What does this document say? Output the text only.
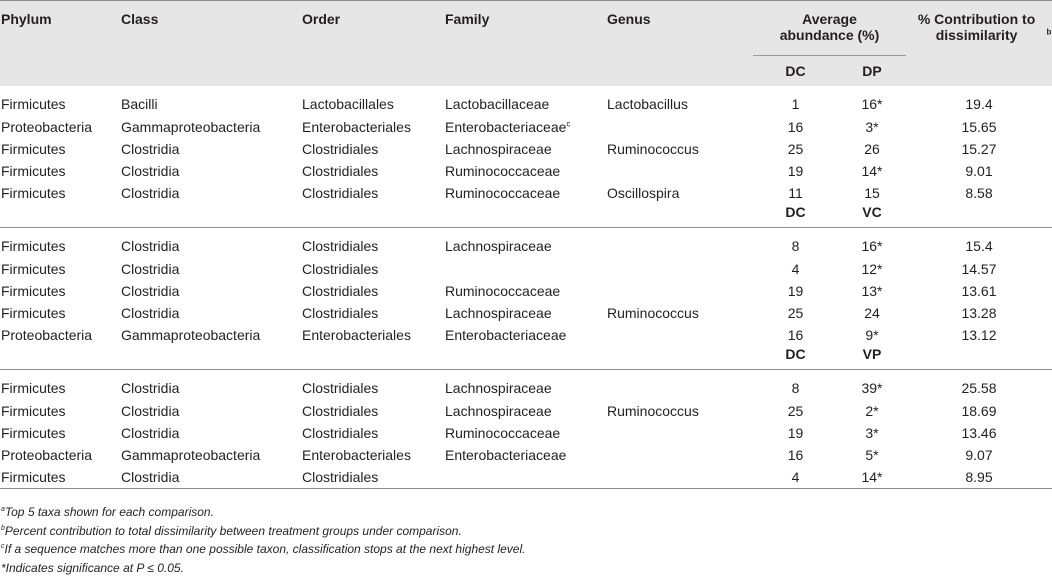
Phylum	Class	Order	Family	Genus	Average abundance (%)		% Contribution to dissimilarity $^b$
					DC	DP	
Firmicutes	Bacilli	Lactobacillales	Lactobacillaceae	Lactobacillus	1	16*	19.4
Proteobacteria	Gammaproteobacteria	Enterobacteriales	Enterobacteriaceae$^c$		16	3*	15.65
Firmicutes	Clostridia	Clostridiales	Lachnospiraceae	Ruminococcus	25	26	15.27
Firmicutes	Clostridia	Clostridiales	Ruminococcaceae		19	14*	9.01
Firmicutes	Clostridia	Clostridiales	Ruminococcaceae	Oscillospira	11	15	8.58
					DC	VC	
Firmicutes	Clostridia	Clostridiales	Lachnospiraceae		8	16*	15.4
Firmicutes	Clostridia	Clostridiales			4	12*	14.57
Firmicutes	Clostridia	Clostridiales	Ruminococcaceae		19	13*	13.61
Firmicutes	Clostridia	Clostridiales	Lachnospiraceae	Ruminococcus	25	24	13.28
Proteobacteria	Gammaproteobacteria	Enterobacteriales	Enterobacteriaceae		16	9*	13.12
					DC	VP	
Firmicutes	Clostridia	Clostridiales	Lachnospiraceae		8	39*	25.58
Firmicutes	Clostridia	Clostridiales	Lachnospiraceae	Ruminococcus	25	2*	18.69
Firmicutes	Clostridia	Clostridiales	Ruminococcaceae		19	3*	13.46
Proteobacteria	Gammaproteobacteria	Enterobacteriales	Enterobacteriaceae		16	5*	9.07
Firmicutes	Clostridia	Clostridiales			4	14*	8.95
$^a$Top 5 taxa shown for each comparison.
$^b$Percent contribution to total dissimilarity between treatment groups under comparison.
$^c$If a sequence matches more than one possible taxon, classification stops at the next highest level.
*Indicates significance at P ≤ 0.05.
